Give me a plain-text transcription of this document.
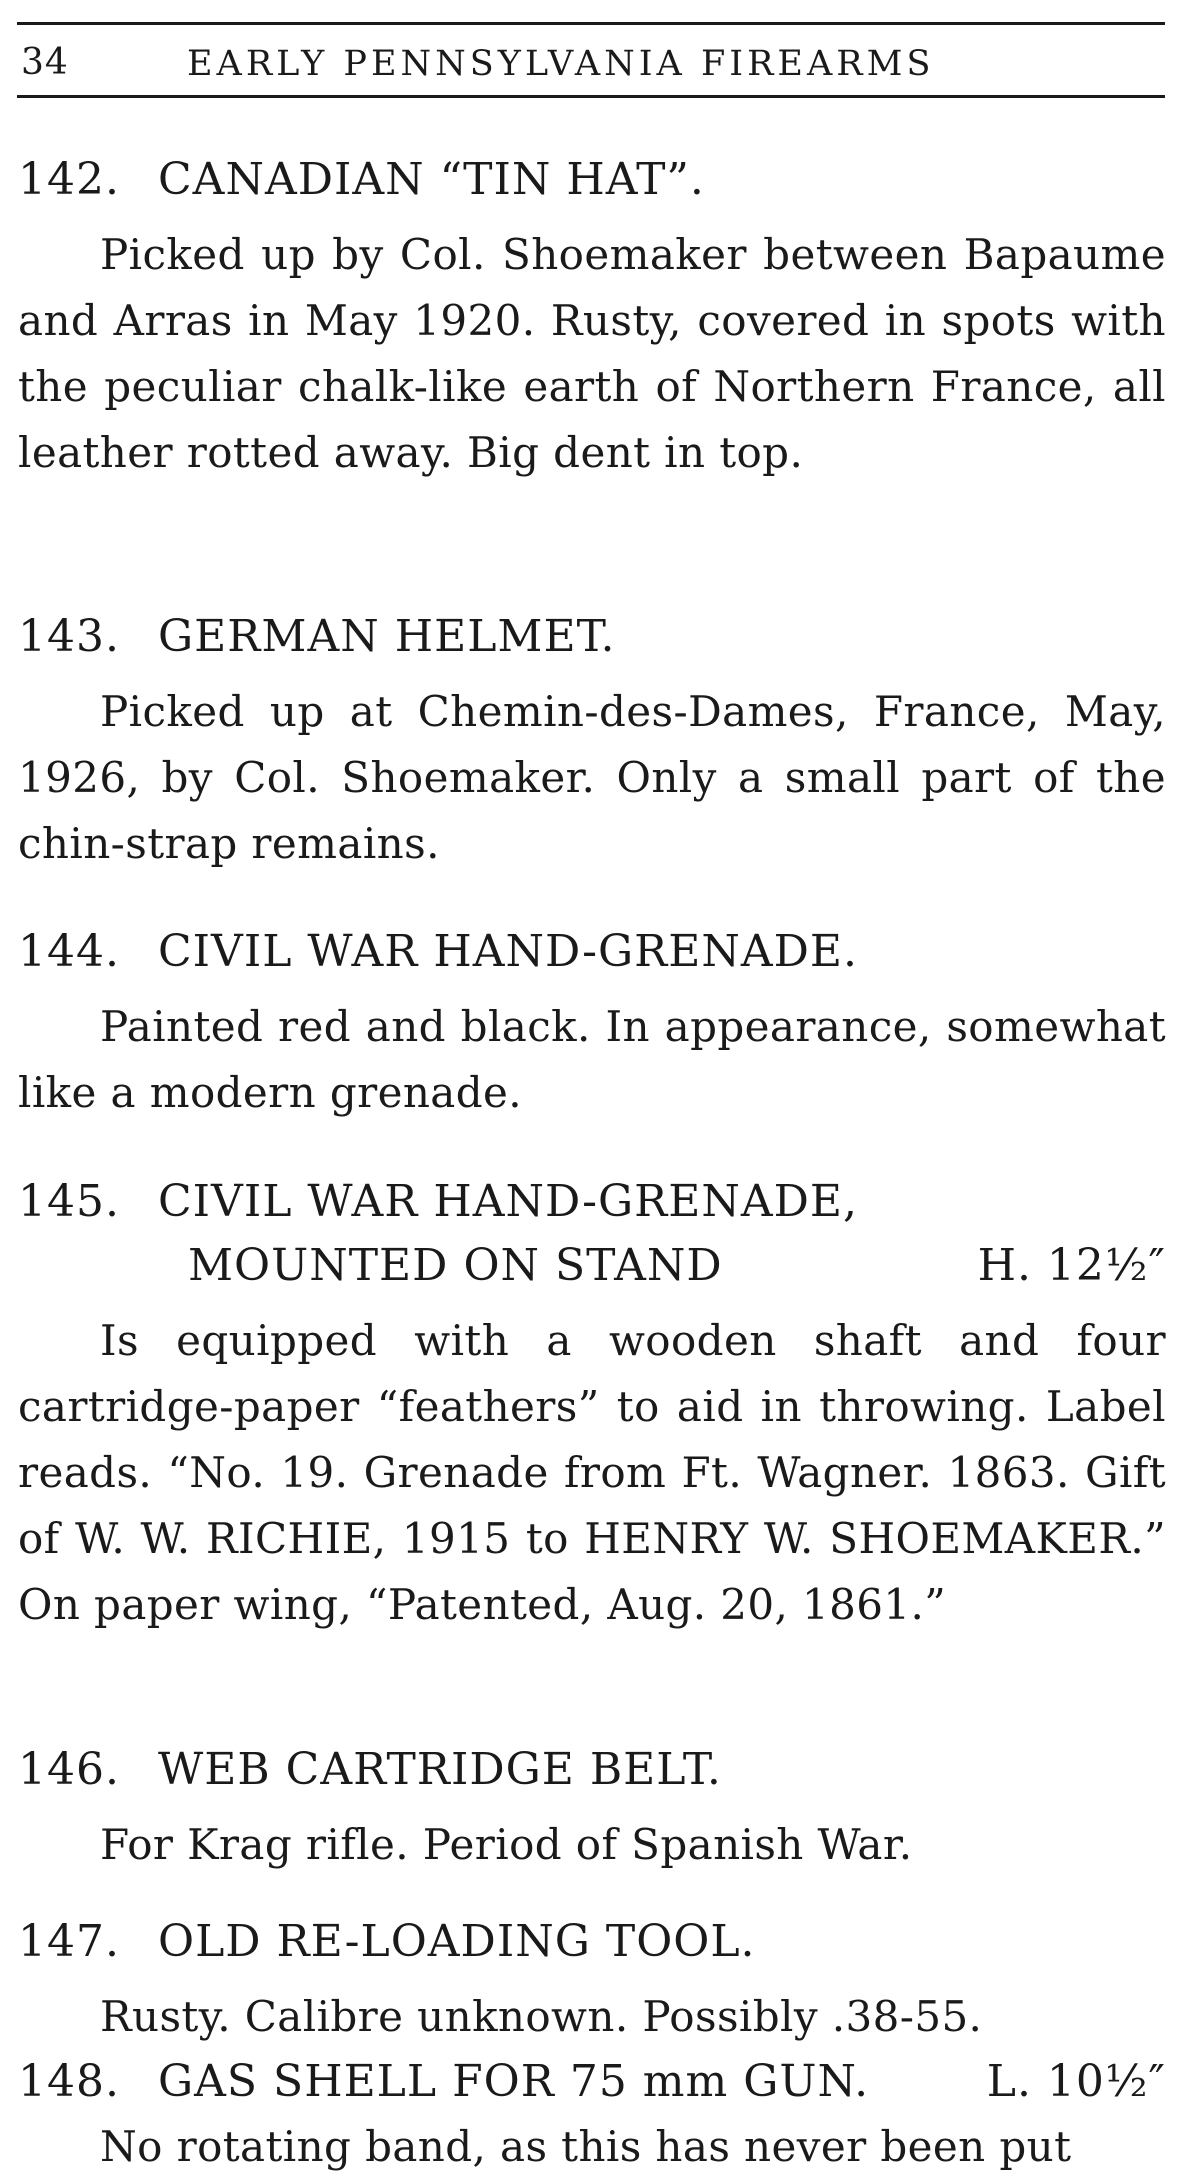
34	EARLY PENNSYLVANIA FIREARMS
142. CANADIAN “TIN HAT”.
Picked up by Col. Shoemaker between Bapaume and Arras in May 1920. Rusty, covered in spots with the peculiar chalk-like earth of Northern France, all leather rotted away. Big dent in top.
143. GERMAN HELMET.
Picked up at Chemin-des-Dames, France, May, 1926, by Col. Shoemaker. Only a small part of the chin-strap remains.
144. CIVIL WAR HAND-GRENADE.
Painted red and black. In appearance, somewhat like a modern grenade.
145. CIVIL WAR HAND-GRENADE,
MOUNTED ON STAND	H. 12½″
Is equipped with a wooden shaft and four cartridge-paper “feathers” to aid in throwing. Label reads. “No. 19. Grenade from Ft. Wagner. 1863. Gift of W. W. RICHIE, 1915 to HENRY W. SHOEMAKER.” On paper wing, “Patented, Aug. 20, 1861.”
146. WEB CARTRIDGE BELT.
For Krag rifle. Period of Spanish War.
147. OLD RE-LOADING TOOL.
Rusty. Calibre unknown. Possibly .38-55.
148. GAS SHELL FOR 75 mm GUN.	L. 10½″
No rotating band, as this has never been put
